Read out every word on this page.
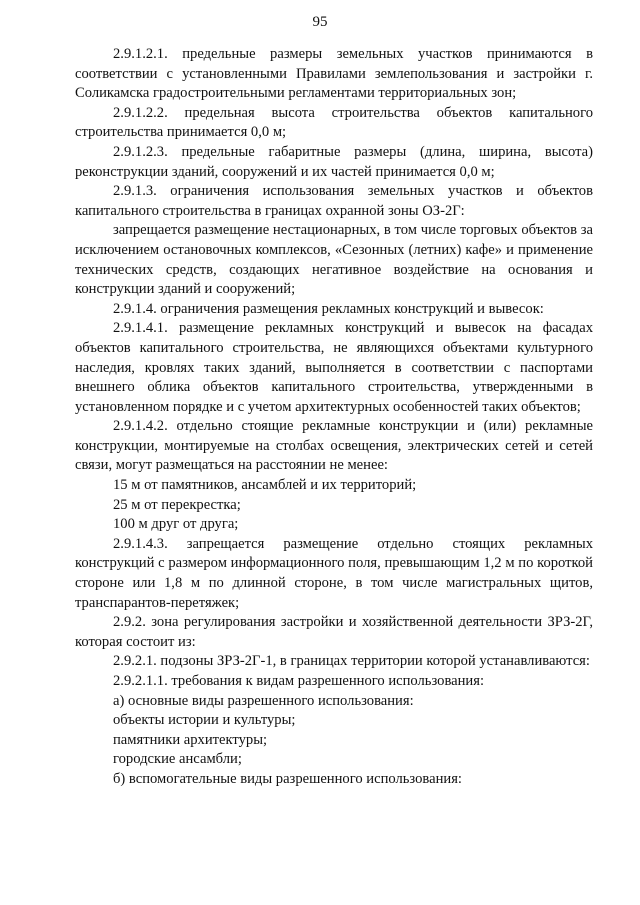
95

2.9.1.2.1. предельные размеры земельных участков принимаются в соответствии с установленными Правилами землепользования и застройки г. Соликамска градостроительными регламентами территориальных зон;

2.9.1.2.2. предельная высота строительства объектов капитального строительства принимается 0,0 м;

2.9.1.2.3. предельные габаритные размеры (длина, ширина, высота) реконструкции зданий, сооружений и их частей принимается 0,0 м;

2.9.1.3. ограничения использования земельных участков и объектов капитального строительства в границах охранной зоны ОЗ-2Г:

запрещается размещение нестационарных, в том числе торговых объектов за исключением остановочных комплексов, «Сезонных (летних) кафе» и применение технических средств, создающих негативное воздействие на основания и конструкции зданий и сооружений;

2.9.1.4. ограничения размещения рекламных конструкций и вывесок:

2.9.1.4.1. размещение рекламных конструкций и вывесок на фасадах объектов капитального строительства, не являющихся объектами культурного наследия, кровлях таких зданий, выполняется в соответствии с паспортами внешнего облика объектов капитального строительства, утвержденными в установленном порядке и с учетом архитектурных особенностей таких объектов;

2.9.1.4.2. отдельно стоящие рекламные конструкции и (или) рекламные конструкции, монтируемые на столбах освещения, электрических сетей и сетей связи, могут размещаться на расстоянии не менее:

15 м от памятников, ансамблей и их территорий;

25 м от перекрестка;

100 м друг от друга;

2.9.1.4.3. запрещается размещение отдельно стоящих рекламных конструкций с размером информационного поля, превышающим 1,2 м по короткой стороне или 1,8 м по длинной стороне, в том числе магистральных щитов, транспарантов-перетяжек;

2.9.2. зона регулирования застройки и хозяйственной деятельности ЗРЗ-2Г, которая состоит из:

2.9.2.1. подзоны ЗРЗ-2Г-1, в границах территории которой устанавливаются:

2.9.2.1.1. требования к видам разрешенного использования:

а) основные виды разрешенного использования:

объекты истории и культуры;

памятники архитектуры;

городские ансамбли;

б) вспомогательные виды разрешенного использования:
